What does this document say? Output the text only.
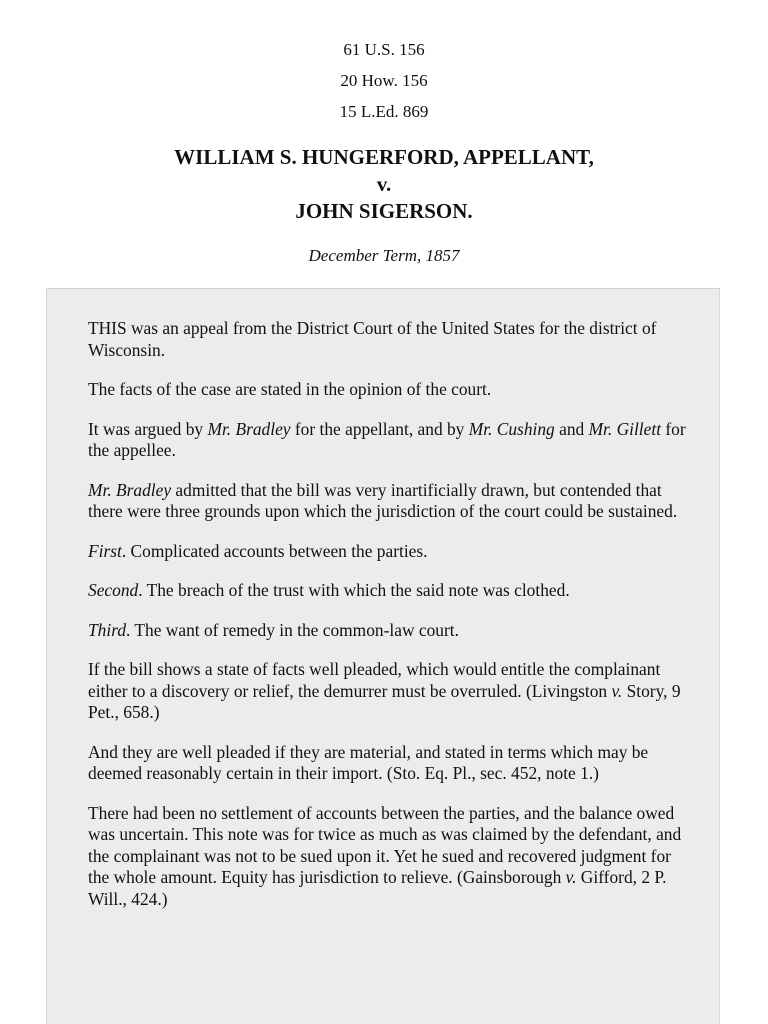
61 U.S. 156
20 How. 156
15 L.Ed. 869
WILLIAM S. HUNGERFORD, APPELLANT,
v.
JOHN SIGERSON.
December Term, 1857

THIS was an appeal from the District Court of the United States for the district of Wisconsin.

The facts of the case are stated in the opinion of the court.

It was argued by Mr. Bradley for the appellant, and by Mr. Cushing and Mr. Gillett for the appellee.

Mr. Bradley admitted that the bill was very inartificially drawn, but contended that there were three grounds upon which the jurisdiction of the court could be sustained.

First. Complicated accounts between the parties.

Second. The breach of the trust with which the said note was clothed.

Third. The want of remedy in the common-law court.

If the bill shows a state of facts well pleaded, which would entitle the complainant either to a discovery or relief, the demurrer must be overruled. (Livingston v. Story, 9 Pet., 658.)

And they are well pleaded if they are material, and stated in terms which may be deemed reasonably certain in their import. (Sto. Eq. Pl., sec. 452, note 1.)

There had been no settlement of accounts between the parties, and the balance owed was uncertain. This note was for twice as much as was claimed by the defendant, and the complainant was not to be sued upon it. Yet he sued and recovered judgment for the whole amount. Equity has jurisdiction to relieve. (Gainsborough v. Gifford, 2 P. Will., 424.)
